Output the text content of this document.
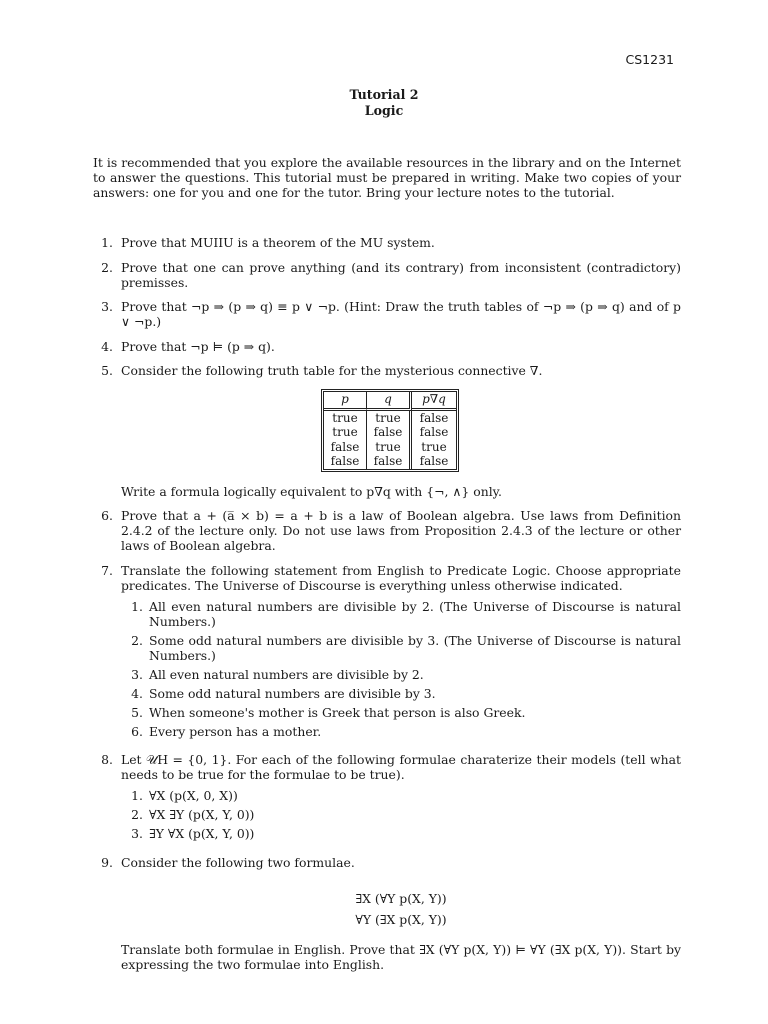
CS1231
Tutorial 2
Logic
It is recommended that you explore the available resources in the library and on the Internet to answer the questions. This tutorial must be prepared in writing. Make two copies of your answers: one for you and one for the tutor. Bring your lecture notes to the tutorial.
1. Prove that MUIIU is a theorem of the MU system.
2. Prove that one can prove anything (and its contrary) from inconsistent (contradictory) premisses.
3. Prove that ¬p ⇒ (p ⇒ q) ≡ p ∨ ¬p. (Hint: Draw the truth tables of ¬p ⇒ (p ⇒ q) and of p ∨ ¬p.)
4. Prove that ¬p ⊨ (p ⇒ q).
5. Consider the following truth table for the mysterious connective ∇.
p	q	p∇q
true	true	false
true	false	false
false	true	true
false	false	false
Write a formula logically equivalent to p∇q with {¬, ∧} only.
6. Prove that a + (a̅ × b) = a + b is a law of Boolean algebra. Use laws from Definition 2.4.2 of the lecture only. Do not use laws from Proposition 2.4.3 of the lecture or other laws of Boolean algebra.
7. Translate the following statement from English to Predicate Logic. Choose appropriate predicates. The Universe of Discourse is everything unless otherwise indicated.
1. All even natural numbers are divisible by 2. (The Universe of Discourse is natural Numbers.)
2. Some odd natural numbers are divisible by 3. (The Universe of Discourse is natural Numbers.)
3. All even natural numbers are divisible by 2.
4. Some odd natural numbers are divisible by 3.
5. When someone's mother is Greek that person is also Greek.
6. Every person has a mother.
8. Let 𝒰H = {0, 1}. For each of the following formulae charaterize their models (tell what needs to be true for the formulae to be true).
1. ∀X (p(X, 0, X))
2. ∀X ∃Y (p(X, Y, 0))
3. ∃Y ∀X (p(X, Y, 0))
9. Consider the following two formulae.
∃X (∀Y p(X, Y))
∀Y (∃X p(X, Y))
Translate both formulae in English. Prove that ∃X (∀Y p(X, Y)) ⊨ ∀Y (∃X p(X, Y)). Start by expressing the two formulae into English.
